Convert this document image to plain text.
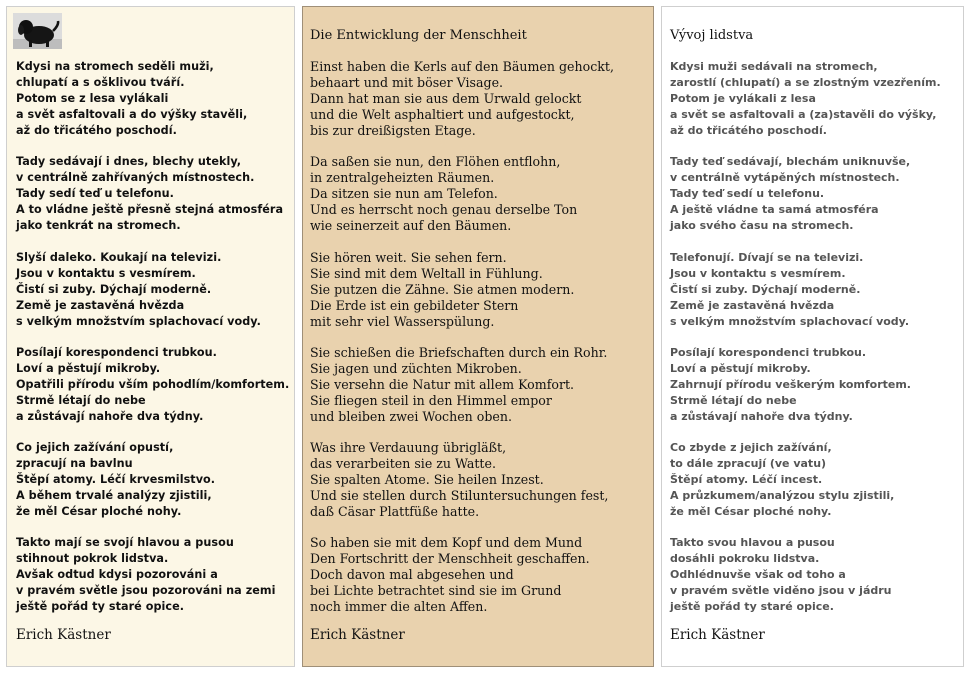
Kdysi na stromech seděli muži,
chlupatí a s ošklivou tváří.
Potom se z lesa vylákali
a svět asfaltovali a do výšky stavěli,
až do třicátého poschodí.

Tady sedávají i dnes, blechy utekly,
v centrálně zahřívaných místnostech.
Tady sedí teď u telefonu.
A to vládne ještě přesně stejná atmosféra
jako tenkrát na stromech.

Slyší daleko. Koukají na televizi.
Jsou v kontaktu s vesmírem.
Čistí si zuby. Dýchají moderně.
Země je zastavěná hvězda
s velkým množstvím splachovací vody.

Posílají korespondenci trubkou.
Loví a pěstují mikroby.
Opatřili přírodu vším pohodlím/komfortem.
Strmě létají do nebe
a zůstávají nahoře dva týdny.

Co jejich zažívání opustí,
zpracují na bavlnu
Štěpí atomy. Léčí krvesmilstvo.
A během trvalé analýzy zjistili,
že měl César ploché nohy.

Takto mají se svojí hlavou a pusou
stihnout pokrok lidstva.
Avšak odtud kdysi pozorováni a
v pravém světle jsou pozorováni na zemi
ještě pořád ty staré opice.

Erich Kästner
Die Entwicklung der Menschheit

Einst haben die Kerls auf den Bäumen gehockt,
behaart und mit böser Visage.
Dann hat man sie aus dem Urwald gelockt
und die Welt asphaltiert und aufgestockt,
bis zur dreißigsten Etage.

Da saßen sie nun, den Flöhen entflohn,
in zentralgeheizten Räumen.
Da sitzen sie nun am Telefon.
Und es herrscht noch genau derselbe Ton
wie seinerzeit auf den Bäumen.

Sie hören weit. Sie sehen fern.
Sie sind mit dem Weltall in Fühlung.
Sie putzen die Zähne. Sie atmen modern.
Die Erde ist ein gebildeter Stern
mit sehr viel Wasserspülung.

Sie schießen die Briefschaften durch ein Rohr.
Sie jagen und züchten Mikroben.
Sie versehn die Natur mit allem Komfort.
Sie fliegen steil in den Himmel empor
und bleiben zwei Wochen oben.

Was ihre Verdauung übrigläßt,
das verarbeiten sie zu Watte.
Sie spalten Atome. Sie heilen Inzest.
Und sie stellen durch Stiluntersuchungen fest,
daß Cäsar Plattfüße hatte.

So haben sie mit dem Kopf und dem Mund
Den Fortschritt der Menschheit geschaffen.
Doch davon mal abgesehen und
bei Lichte betrachtet sind sie im Grund
noch immer die alten Affen.

Erich Kästner
Vývoj lidstva

Kdysi muži sedávali na stromech,
zarostlí (chlupatí) a se zlostným vzezřením.
Potom je vylákali z lesa
a svět se asfaltovali a (za)stavěli do výšky,
až do třicátého poschodí.

Tady teď sedávají, blechám uniknuvše,
v centrálně vytápěných místnostech.
Tady teď sedí u telefonu.
A ještě vládne ta samá atmosféra
jako svého času na stromech.

Telefonují. Dívají se na televizi.
Jsou v kontaktu s vesmírem.
Čistí si zuby. Dýchají moderně.
Země je zastavěná hvězda
s velkým množstvím splachovací vody.

Posílají korespondenci trubkou.
Loví a pěstují mikroby.
Zahrnují přírodu veškerým komfortem.
Strmě létají do nebe
a zůstávají nahoře dva týdny.

Co zbyde z jejich zažívání,
to dále zpracují (ve vatu)
Štěpí atomy. Léčí incest.
A průzkumem/analýzou stylu zjistili,
že měl César ploché nohy.

Takto svou hlavou a pusou
dosáhli pokroku lidstva.
Odhlédnuvše však od toho a
v pravém světle viděno jsou v jádru
ještě pořád ty staré opice.

Erich Kästner
